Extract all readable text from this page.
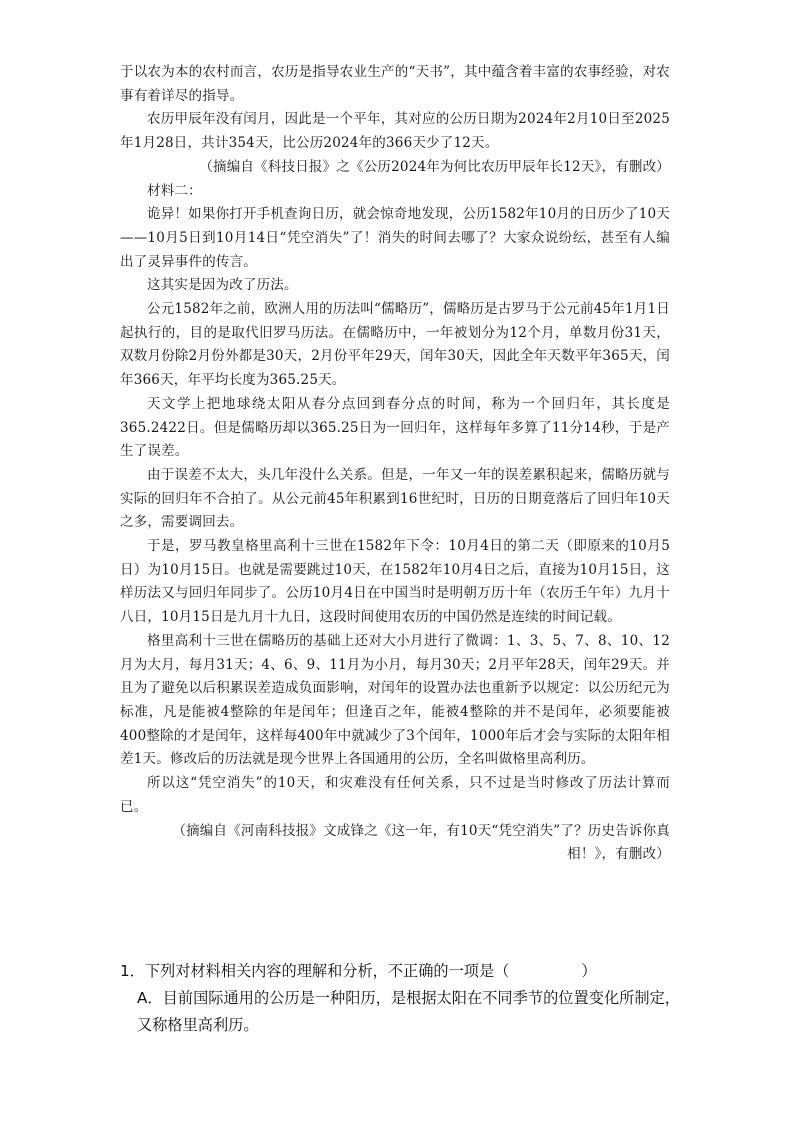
于以农为本的农村而言，农历是指导农业生产的“天书”，其中蕴含着丰富的农事经验，对农事有着详尽的指导。

农历甲辰年没有闰月，因此是一个平年，其对应的公历日期为2024年2月10日至2025年1月28日，共计354天，比公历2024年的366天少了12天。

（摘编自《科技日报》之《公历2024年为何比农历甲辰年长12天》，有删改）

材料二：

诡异！如果你打开手机查询日历，就会惊奇地发现，公历1582年10月的日历少了10天——10月5日到10月14日“凭空消失”了！消失的时间去哪了？大家众说纷纭，甚至有人编出了灵异事件的传言。

这其实是因为改了历法。

公元1582年之前，欧洲人用的历法叫“儒略历”，儒略历是古罗马于公元前45年1月1日起执行的，目的是取代旧罗马历法。在儒略历中，一年被划分为12个月，单数月份31天，双数月份除2月份外都是30天，2月份平年29天，闰年30天，因此全年天数平年365天，闰年366天，年平均长度为365.25天。

天文学上把地球绕太阳从春分点回到春分点的时间，称为一个回归年，其长度是365.2422日。但是儒略历却以365.25日为一回归年，这样每年多算了11分14秒，于是产生了误差。

由于误差不太大，头几年没什么关系。但是，一年又一年的误差累积起来，儒略历就与实际的回归年不合拍了。从公元前45年积累到16世纪时，日历的日期竟落后了回归年10天之多，需要调回去。

于是，罗马教皇格里高利十三世在1582年下令：10月4日的第二天（即原来的10月5日）为10月15日。也就是需要跳过10天，在1582年10月4日之后，直接为10月15日，这样历法又与回归年同步了。公历10月4日在中国当时是明朝万历十年（农历壬午年）九月十八日，10月15日是九月十九日，这段时间使用农历的中国仍然是连续的时间记载。

格里高利十三世在儒略历的基础上还对大小月进行了微调：1、3、5、7、8、10、12月为大月，每月31天；4、6、9、11月为小月，每月30天；2月平年28天，闰年29天。并且为了避免以后积累误差造成负面影响，对闰年的设置办法也重新予以规定：以公历纪元为标准，凡是能被4整除的年是闰年；但逢百之年，能被4整除的并不是闰年，必须要能被400整除的才是闰年，这样每400年中就减少了3个闰年，1000年后才会与实际的太阳年相差1天。修改后的历法就是现今世界上各国通用的公历，全名叫做格里高利历。

所以这“凭空消失”的10天，和灾难没有任何关系，只不过是当时修改了历法计算而已。

（摘编自《河南科技报》文成锋之《这一年，有10天“凭空消失”了？历史告诉你真相！》，有删改）

1．下列对材料相关内容的理解和分析，不正确的一项是（	）

A．目前国际通用的公历是一种阳历，是根据太阳在不同季节的位置变化所制定，又称格里高利历。
